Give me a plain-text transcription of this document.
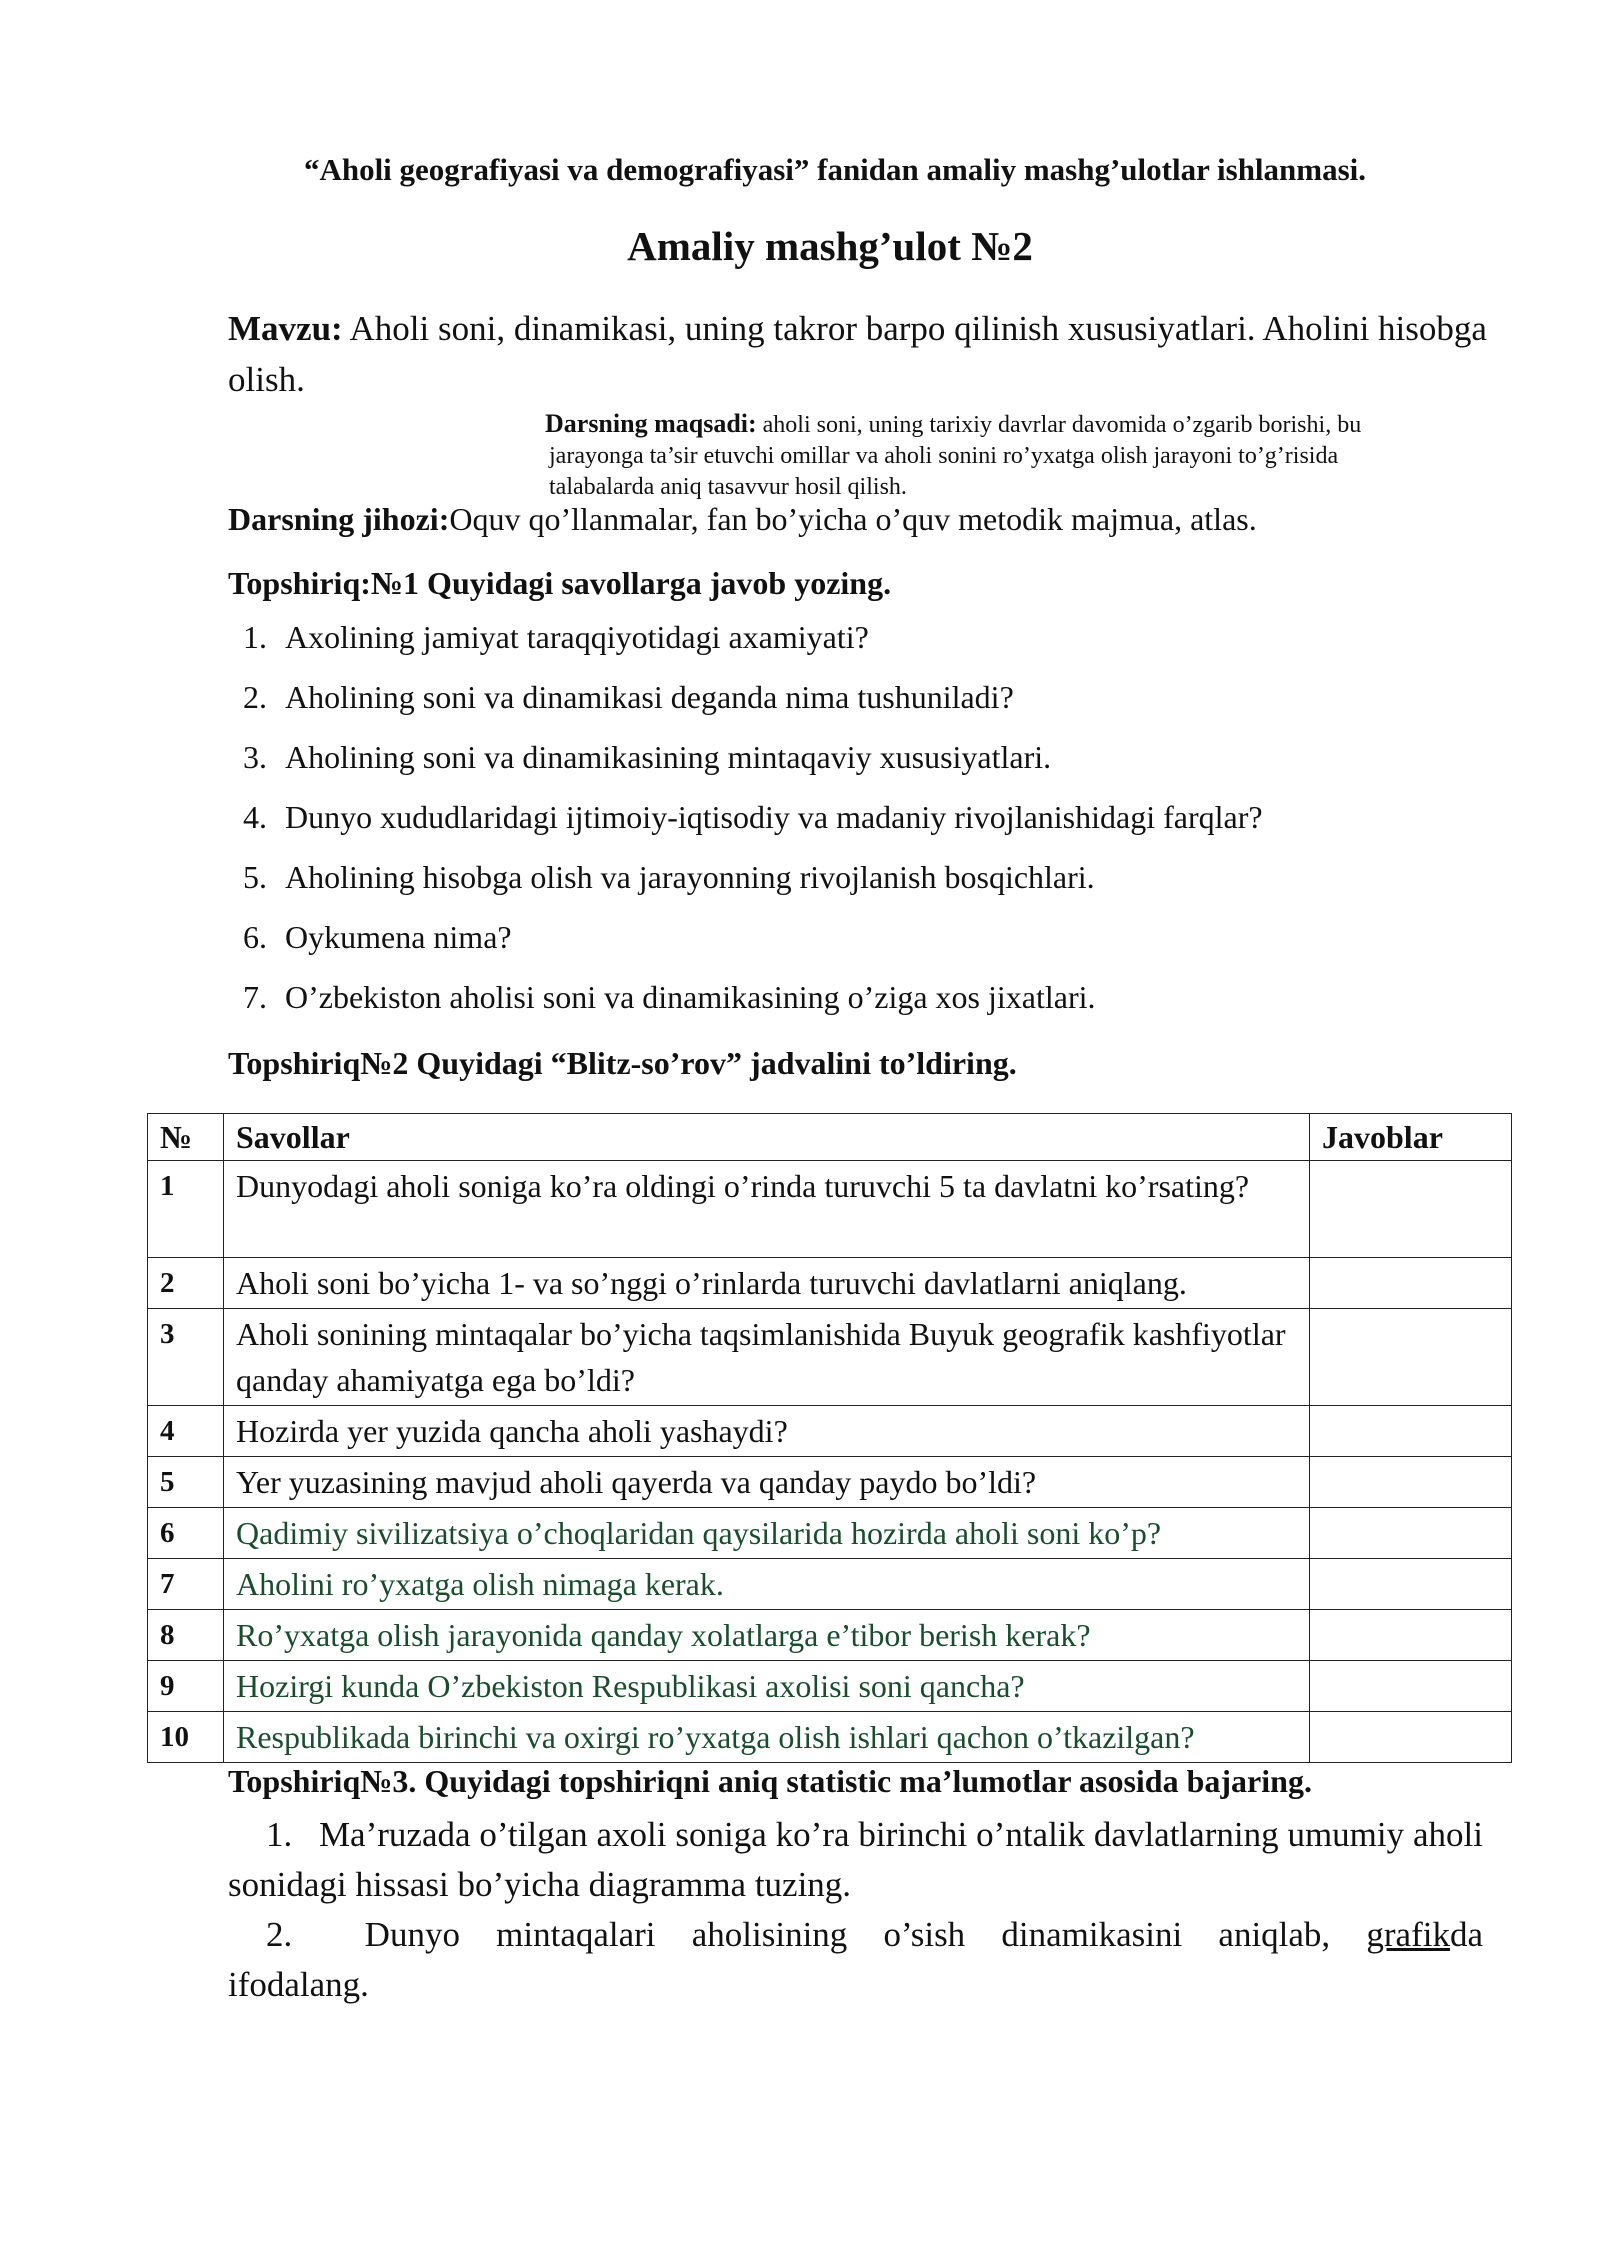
“Aholi geografiyasi va demografiyasi” fanidan amaliy mashg’ulotlar ishlanmasi.
Amaliy mashg’ulot №2
Mavzu: Aholi soni, dinamikasi, uning takror barpo qilinish xususiyatlari. Aholini hisobga olish.
Darsning maqsadi: aholi soni, uning tarixiy davrlar davomida o’zgarib borishi, bu
jarayonga ta’sir etuvchi omillar va aholi sonini ro’yxatga olish jarayoni to’g’risida
talabalarda aniq tasavvur hosil qilish.
Darsning jihozi:Oquv qo’llanmalar, fan bo’yicha o’quv metodik majmua, atlas.
Topshiriq:№1 Quyidagi savollarga javob yozing.
1. Axolining jamiyat taraqqiyotidagi axamiyati?
2. Aholining soni va dinamikasi deganda nima tushuniladi?
3. Aholining soni va dinamikasining mintaqaviy xususiyatlari.
4. Dunyo xududlaridagi ijtimoiy-iqtisodiy va madaniy rivojlanishidagi farqlar?
5. Aholining hisobga olish va jarayonning rivojlanish bosqichlari.
6. Oykumena nima?
7. O’zbekiston aholisi soni va dinamikasining o’ziga xos jixatlari.
Topshiriq№2 Quyidagi “Blitz-so’rov” jadvalini to’ldiring.
№	Savollar	Javoblar
1	Dunyodagi aholi soniga ko’ra oldingi o’rinda turuvchi 5 ta davlatni ko’rsating?	
2	Aholi soni bo’yicha 1- va so’nggi o’rinlarda turuvchi davlatlarni aniqlang.	
3	Aholi sonining mintaqalar bo’yicha taqsimlanishida Buyuk geografik kashfiyotlar qanday ahamiyatga ega bo’ldi?	
4	Hozirda yer yuzida qancha aholi yashaydi?	
5	Yer yuzasining mavjud aholi qayerda va qanday paydo bo’ldi?	
6	Qadimiy sivilizatsiya o’choqlaridan qaysilarida hozirda aholi soni ko’p?	
7	Aholini ro’yxatga olish nimaga kerak.	
8	Ro’yxatga olish jarayonida qanday xolatlarga e’tibor berish kerak?	
9	Hozirgi kunda O’zbekiston Respublikasi axolisi soni qancha?	
10	Respublikada birinchi va oxirgi ro’yxatga olish ishlari qachon o’tkazilgan?	
Topshiriq№3. Quyidagi topshiriqni aniq statistic ma’lumotlar asosida bajaring.

1. Ma’ruzada o’tilgan axoli soniga ko’ra birinchi o’ntalik davlatlarning umumiy aholi sonidagi hissasi bo’yicha diagramma tuzing.

2. Dunyo mintaqalari aholisining o’sish dinamikasini aniqlab, grafikda

ifodalang.
